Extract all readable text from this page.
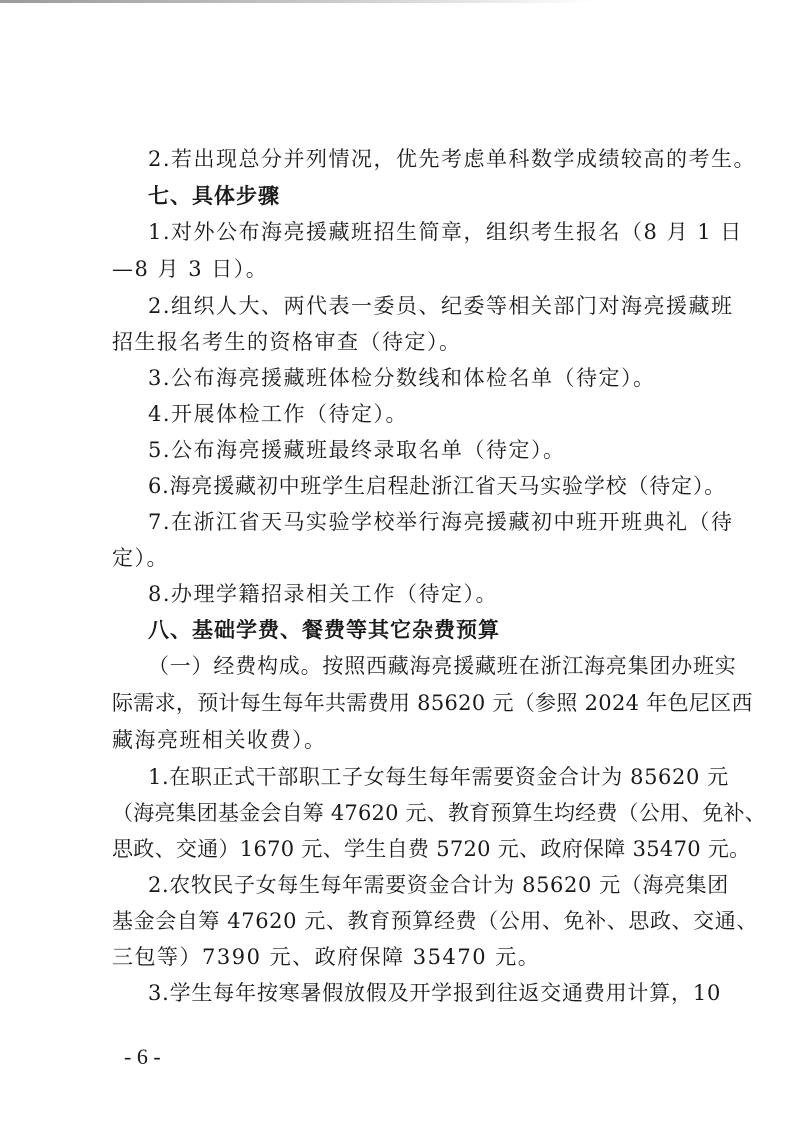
2.若出现总分并列情况，优先考虑单科数学成绩较高的考生。
七、具体步骤
1.对外公布海亮援藏班招生简章，组织考生报名（8 月 1 日
—8 月 3 日）。
2.组织人大、两代表一委员、纪委等相关部门对海亮援藏班
招生报名考生的资格审查（待定）。
3.公布海亮援藏班体检分数线和体检名单（待定）。
4.开展体检工作（待定）。
5.公布海亮援藏班最终录取名单（待定）。
6.海亮援藏初中班学生启程赴浙江省天马实验学校（待定）。
7.在浙江省天马实验学校举行海亮援藏初中班开班典礼（待
定）。
8.办理学籍招录相关工作（待定）。
八、基础学费、餐费等其它杂费预算
（一）经费构成。按照西藏海亮援藏班在浙江海亮集团办班实
际需求，预计每生每年共需费用 85620 元（参照 2024 年色尼区西
藏海亮班相关收费）。
1.在职正式干部职工子女每生每年需要资金合计为 85620 元
（海亮集团基金会自筹 47620 元、教育预算生均经费（公用、免补、
思政、交通）1670 元、学生自费 5720 元、政府保障 35470 元。
2.农牧民子女每生每年需要资金合计为 85620 元（海亮集团
基金会自筹 47620 元、教育预算经费（公用、免补、思政、交通、
三包等）7390 元、政府保障 35470 元。
3.学生每年按寒暑假放假及开学报到往返交通费用计算，10
- 6 -
